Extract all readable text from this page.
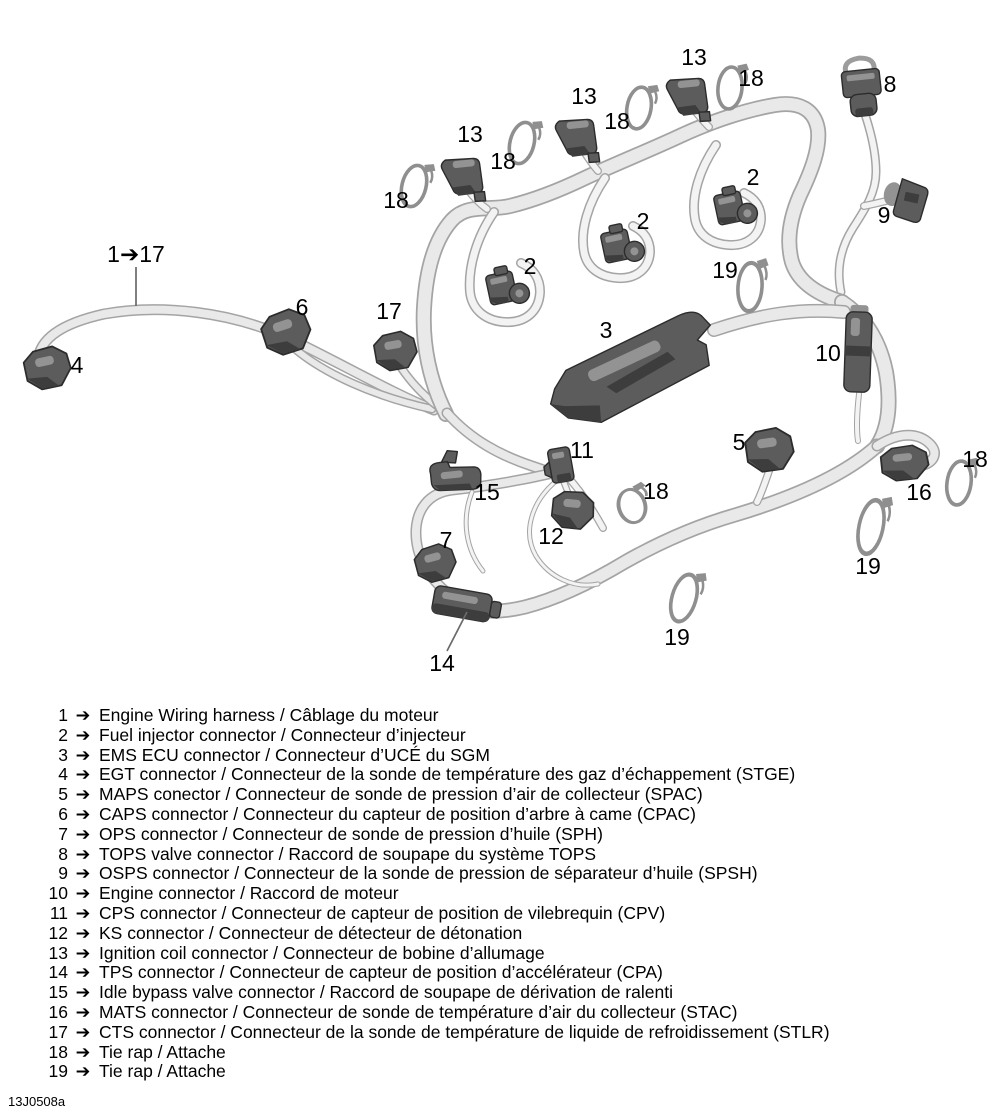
13
18
18
13
18
13
18	8
9
2
2
2	19
1➔17
6	17
3
10
4
5
11
18
15	16
18
12
7
19
19
14
1 ➔ Engine Wiring harness / Câblage du moteur
2 ➔ Fuel injector connector / Connecteur d’injecteur
3 ➔ EMS ECU connector / Connecteur d’UCÉ du SGM
4 ➔ EGT connector / Connecteur de la sonde de température des gaz d’échappement (STGE)
5 ➔ MAPS conector / Connecteur de sonde de pression d’air de collecteur (SPAC)
6 ➔ CAPS connector / Connecteur du capteur de position d’arbre à came (CPAC)
7 ➔ OPS connector / Connecteur de sonde de pression d’huile (SPH)
8 ➔ TOPS valve connector / Raccord de soupape du système TOPS
9 ➔ OSPS connector / Connecteur de la sonde de pression de séparateur d’huile (SPSH)
10 ➔ Engine connector / Raccord de moteur
11 ➔ CPS connector / Connecteur de capteur de position de vilebrequin (CPV)
12 ➔ KS connector / Connecteur de détecteur de détonation
13 ➔ Ignition coil connector / Connecteur de bobine d’allumage
14 ➔ TPS connector / Connecteur de capteur de position d’accélérateur (CPA)
15 ➔ Idle bypass valve connector / Raccord de soupape de dérivation de ralenti
16 ➔ MATS connector / Connecteur de sonde de température d’air du collecteur (STAC)
17 ➔ CTS connector / Connecteur de la sonde de température de liquide de refroidissement (STLR)
18 ➔ Tie rap / Attache
19 ➔ Tie rap / Attache
13J0508a
